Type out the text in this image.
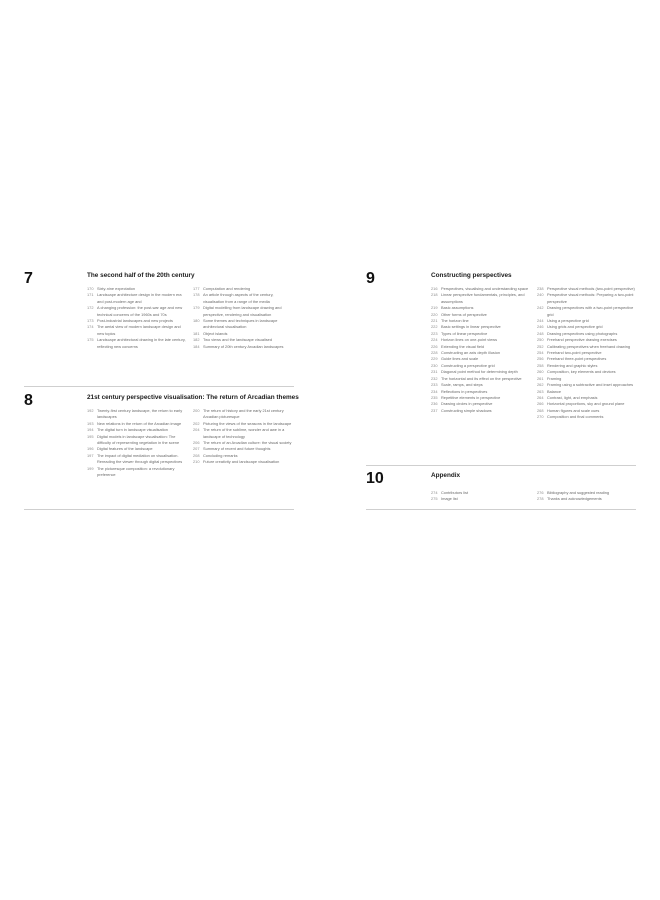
7	The second half of the 20th century
170 Sixty-nine expectation
171 Landscape architecture design in the modern era and post-modern age and
172 A changing profession: the post-war age and new technical concerns of the 1960s and 70s
173 Post-industrial landscapes and new projects
174 The aerial view of modern landscape design and new topics
175 Landscape architectural drawing in the late century, reflecting new concerns
177 Computation and rendering
178 An article through aspects of the century, visualisation from a range of the media
179 Digital modelling from landscape drawing and perspective, rendering and visualisation
180 Some themes and techniques in landscape architectural visualisation
181 Object islands
182 Two views and the landscape visualised
184 Summary of 20th century Arcadian landscapes
8	21st century perspective visualisation: The return of Arcadian themes
192 Twenty-first century landscape, the return to early landscapes
193 New relations in the return of the Arcadian image
194 The digital turn in landscape visualisation
195 Digital models in landscape visualisation: The difficulty of representing vegetation in the scene
196 Digital features of the landscape
197 The impact of digital mediation on visualisation. Rereading the viewer through digital perspectives
199 The picturesque composition: a revolutionary preference
200 The return of history and the early 21st century Arcadian picturesque
202 Picturing the views of the seasons in the landscape
204 The return of the sublime, wonder and awe in a landscape of technology
206 The return of an Arcadian culture: the visual society
207 Summary of recent and future thoughts
208 Concluding remarks
210 Future creativity and landscape visualisation
9	Constructing perspectives
216 Perspectives, visualising and understanding space
218 Linear perspective fundamentals, principles, and assumptions
219 Basic assumptions
220 Other forms of perspective
221 The horizon line
222 Basic settings in linear perspective
223 Types of linear perspective
224 Horizon lines on one-point views
226 Extending the visual field
228 Constructing an axis depth illusion
229 Guide lines and scale
230 Constructing a perspective grid
231 Diagonal point method for determining depth
232 The horizontal and its effect on the perspective
233 Scale, ramps, and steps
234 Reflections in perspectives
235 Repetitive elements in perspective
236 Drawing circles in perspective
237 Constructing simple shadows
238 Perspective visual methods (two-point perspective)
240 Perspective visual methods: Preparing a two-point perspective
242 Drawing perspectives with a two-point perspective grid
244 Using a perspective grid
246 Using grids and perspective grid
248 Drawing perspectives using photographs
250 Freehand perspective drawing exercises
252 Calibrating perspectives when freehand drawing
254 Freehand two-point perspective
256 Freehand three-point perspectives
258 Rendering and graphic styles
260 Composition, key elements and devices
261 Framing
262 Framing using a subtractive and inset approaches
263 Balance
264 Contrast, light, and emphasis
266 Horizontal proportions, sky and ground plane
268 Human figures and scale cues
270 Composition and final comments
10	Appendix
274 Contributors list
275 Image list
276 Bibliography and suggested reading
278 Thanks and acknowledgements
